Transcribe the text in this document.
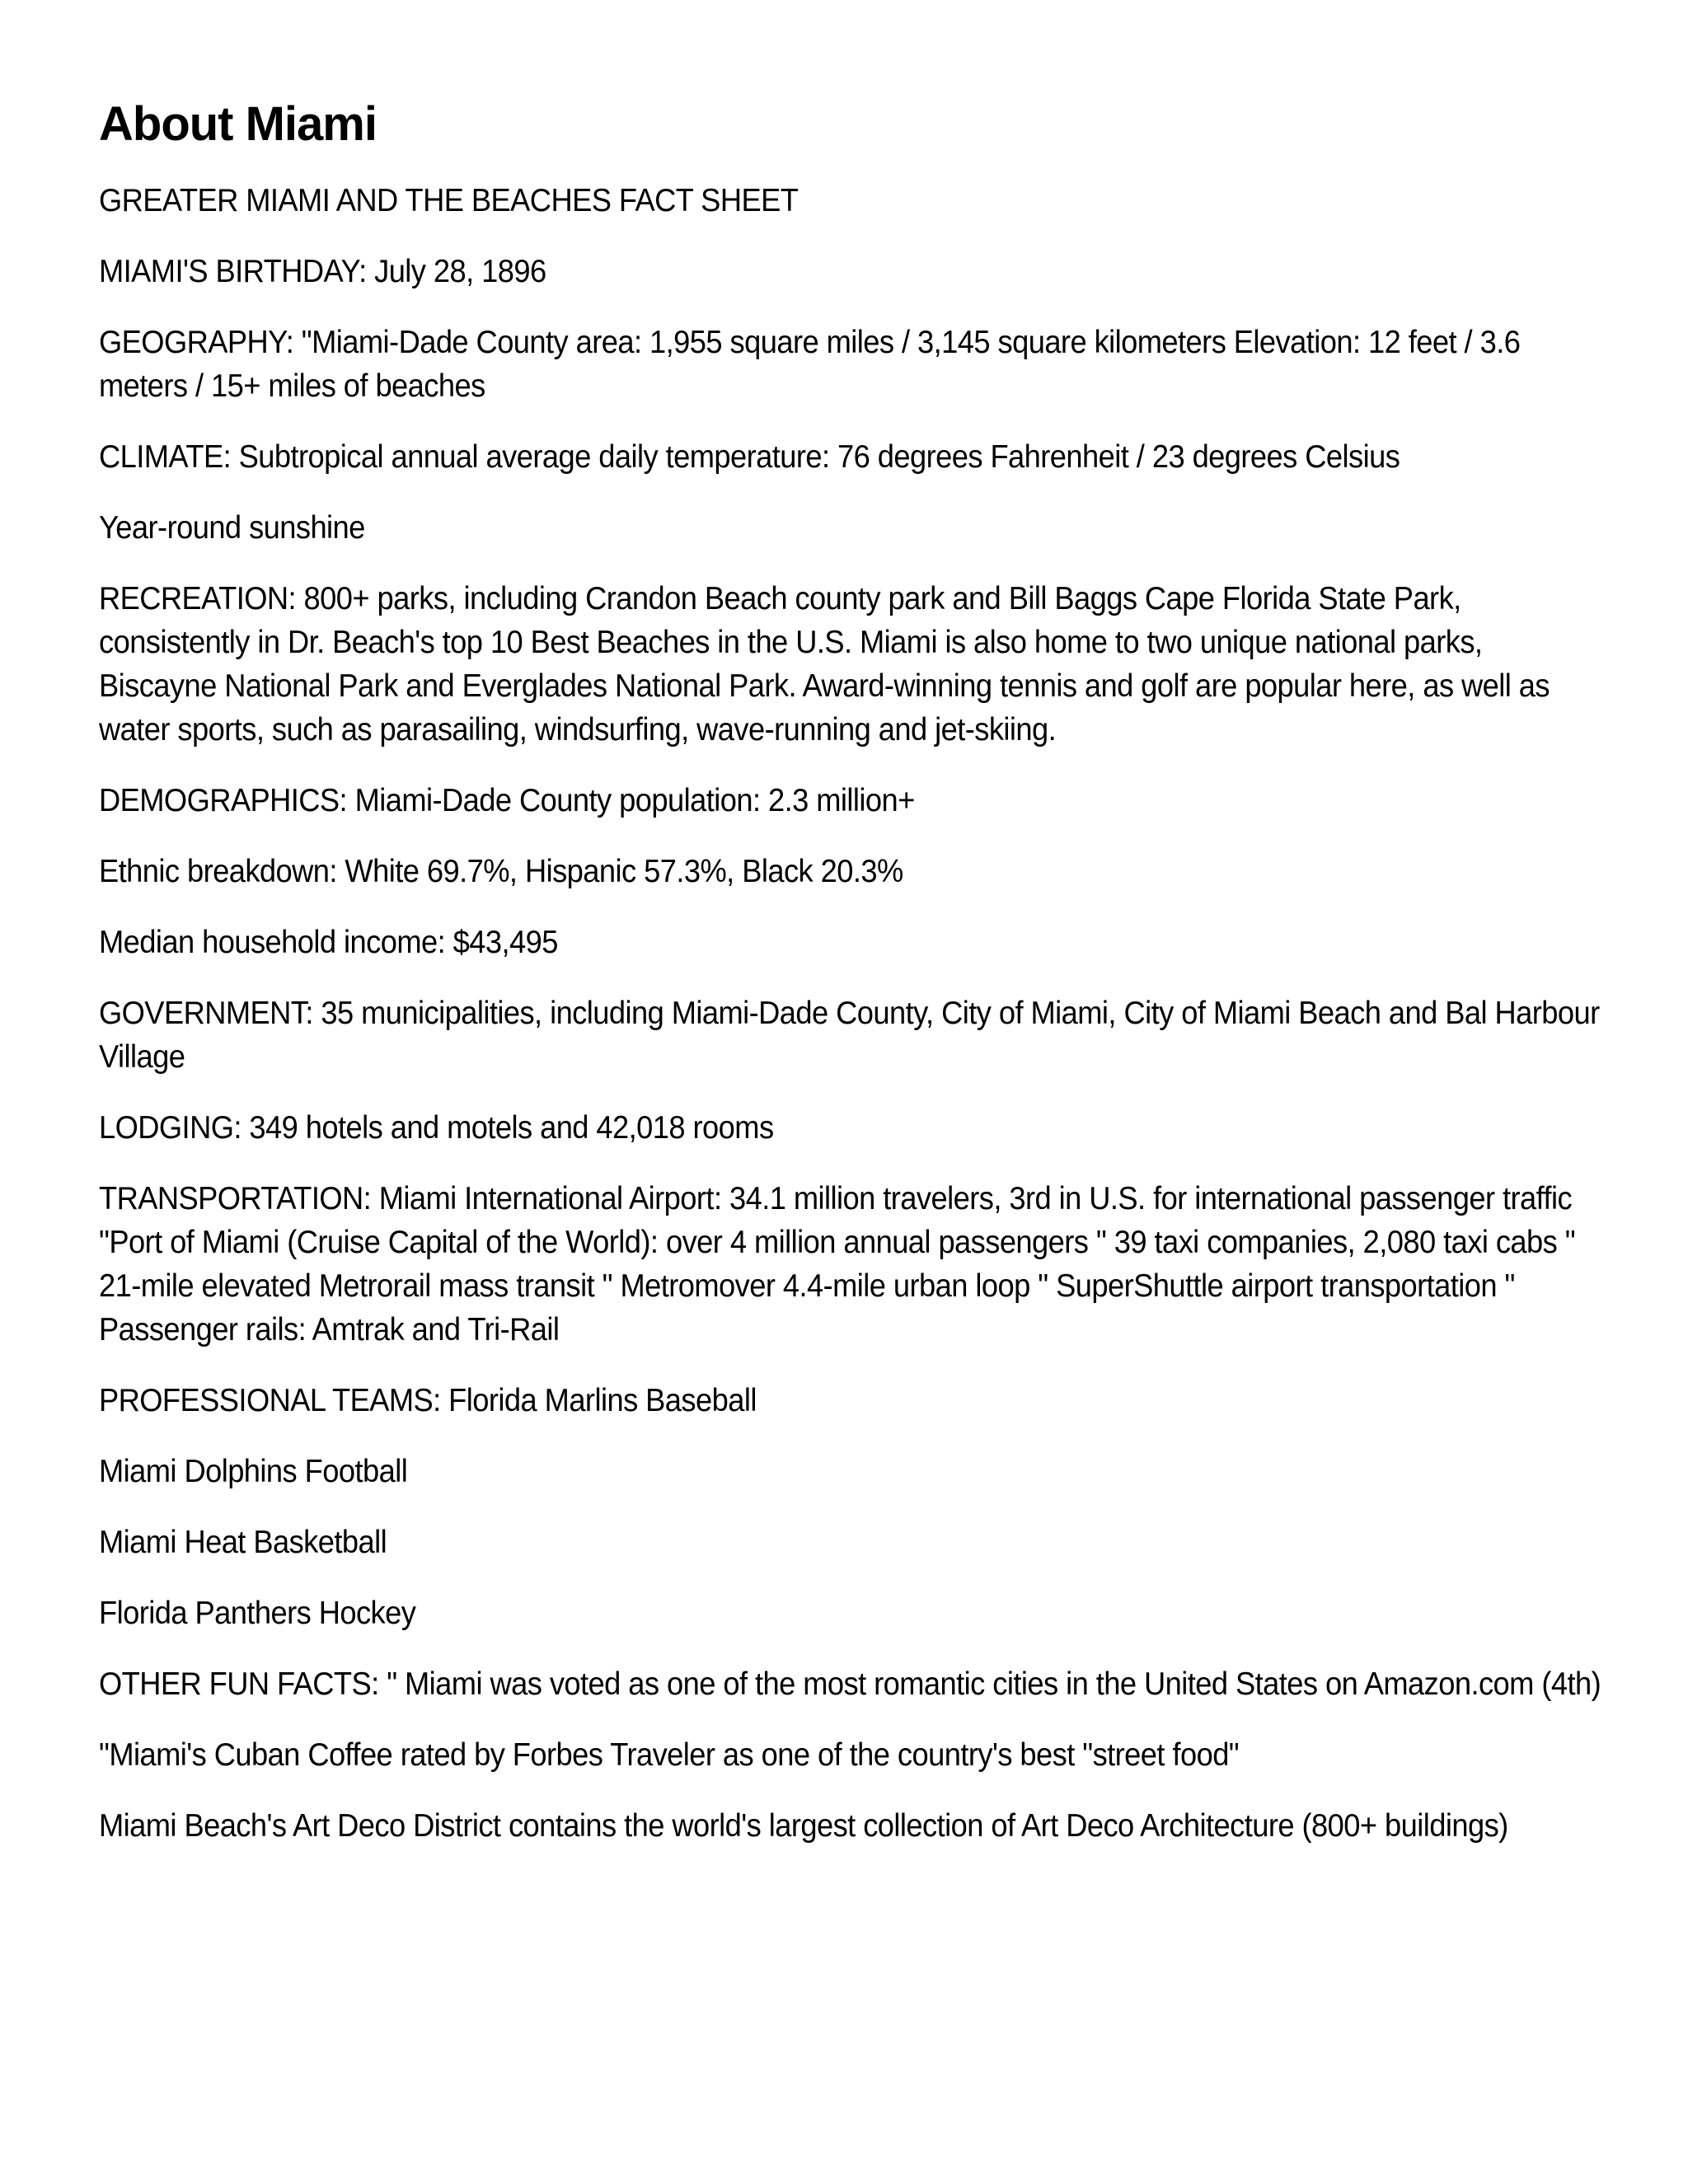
About Miami

GREATER MIAMI AND THE BEACHES FACT SHEET

MIAMI'S BIRTHDAY: July 28, 1896

GEOGRAPHY: "Miami-Dade County area: 1,955 square miles / 3,145 square kilometers Elevation: 12 feet / 3.6 meters / 15+ miles of beaches

CLIMATE: Subtropical annual average daily temperature: 76 degrees Fahrenheit / 23 degrees Celsius

Year-round sunshine

RECREATION: 800+ parks, including Crandon Beach county park and Bill Baggs Cape Florida State Park, consistently in Dr. Beach's top 10 Best Beaches in the U.S. Miami is also home to two unique national parks, Biscayne National Park and Everglades National Park. Award-winning tennis and golf are popular here, as well as water sports, such as parasailing, windsurfing, wave-running and jet-skiing.

DEMOGRAPHICS: Miami-Dade County population: 2.3 million+

Ethnic breakdown: White 69.7%, Hispanic 57.3%, Black 20.3%

Median household income: $43,495

GOVERNMENT: 35 municipalities, including Miami-Dade County, City of Miami, City of Miami Beach and Bal Harbour Village

LODGING: 349 hotels and motels and 42,018 rooms

TRANSPORTATION: Miami International Airport: 34.1 million travelers, 3rd in U.S. for international passenger traffic "Port of Miami (Cruise Capital of the World): over 4 million annual passengers " 39 taxi companies, 2,080 taxi cabs " 21-mile elevated Metrorail mass transit " Metromover 4.4-mile urban loop " SuperShuttle airport transportation " Passenger rails: Amtrak and Tri-Rail

PROFESSIONAL TEAMS: Florida Marlins Baseball

Miami Dolphins Football

Miami Heat Basketball

Florida Panthers Hockey

OTHER FUN FACTS: " Miami was voted as one of the most romantic cities in the United States on Amazon.com (4th)

"Miami's Cuban Coffee rated by Forbes Traveler as one of the country's best "street food"

Miami Beach's Art Deco District contains the world's largest collection of Art Deco Architecture (800+ buildings)
